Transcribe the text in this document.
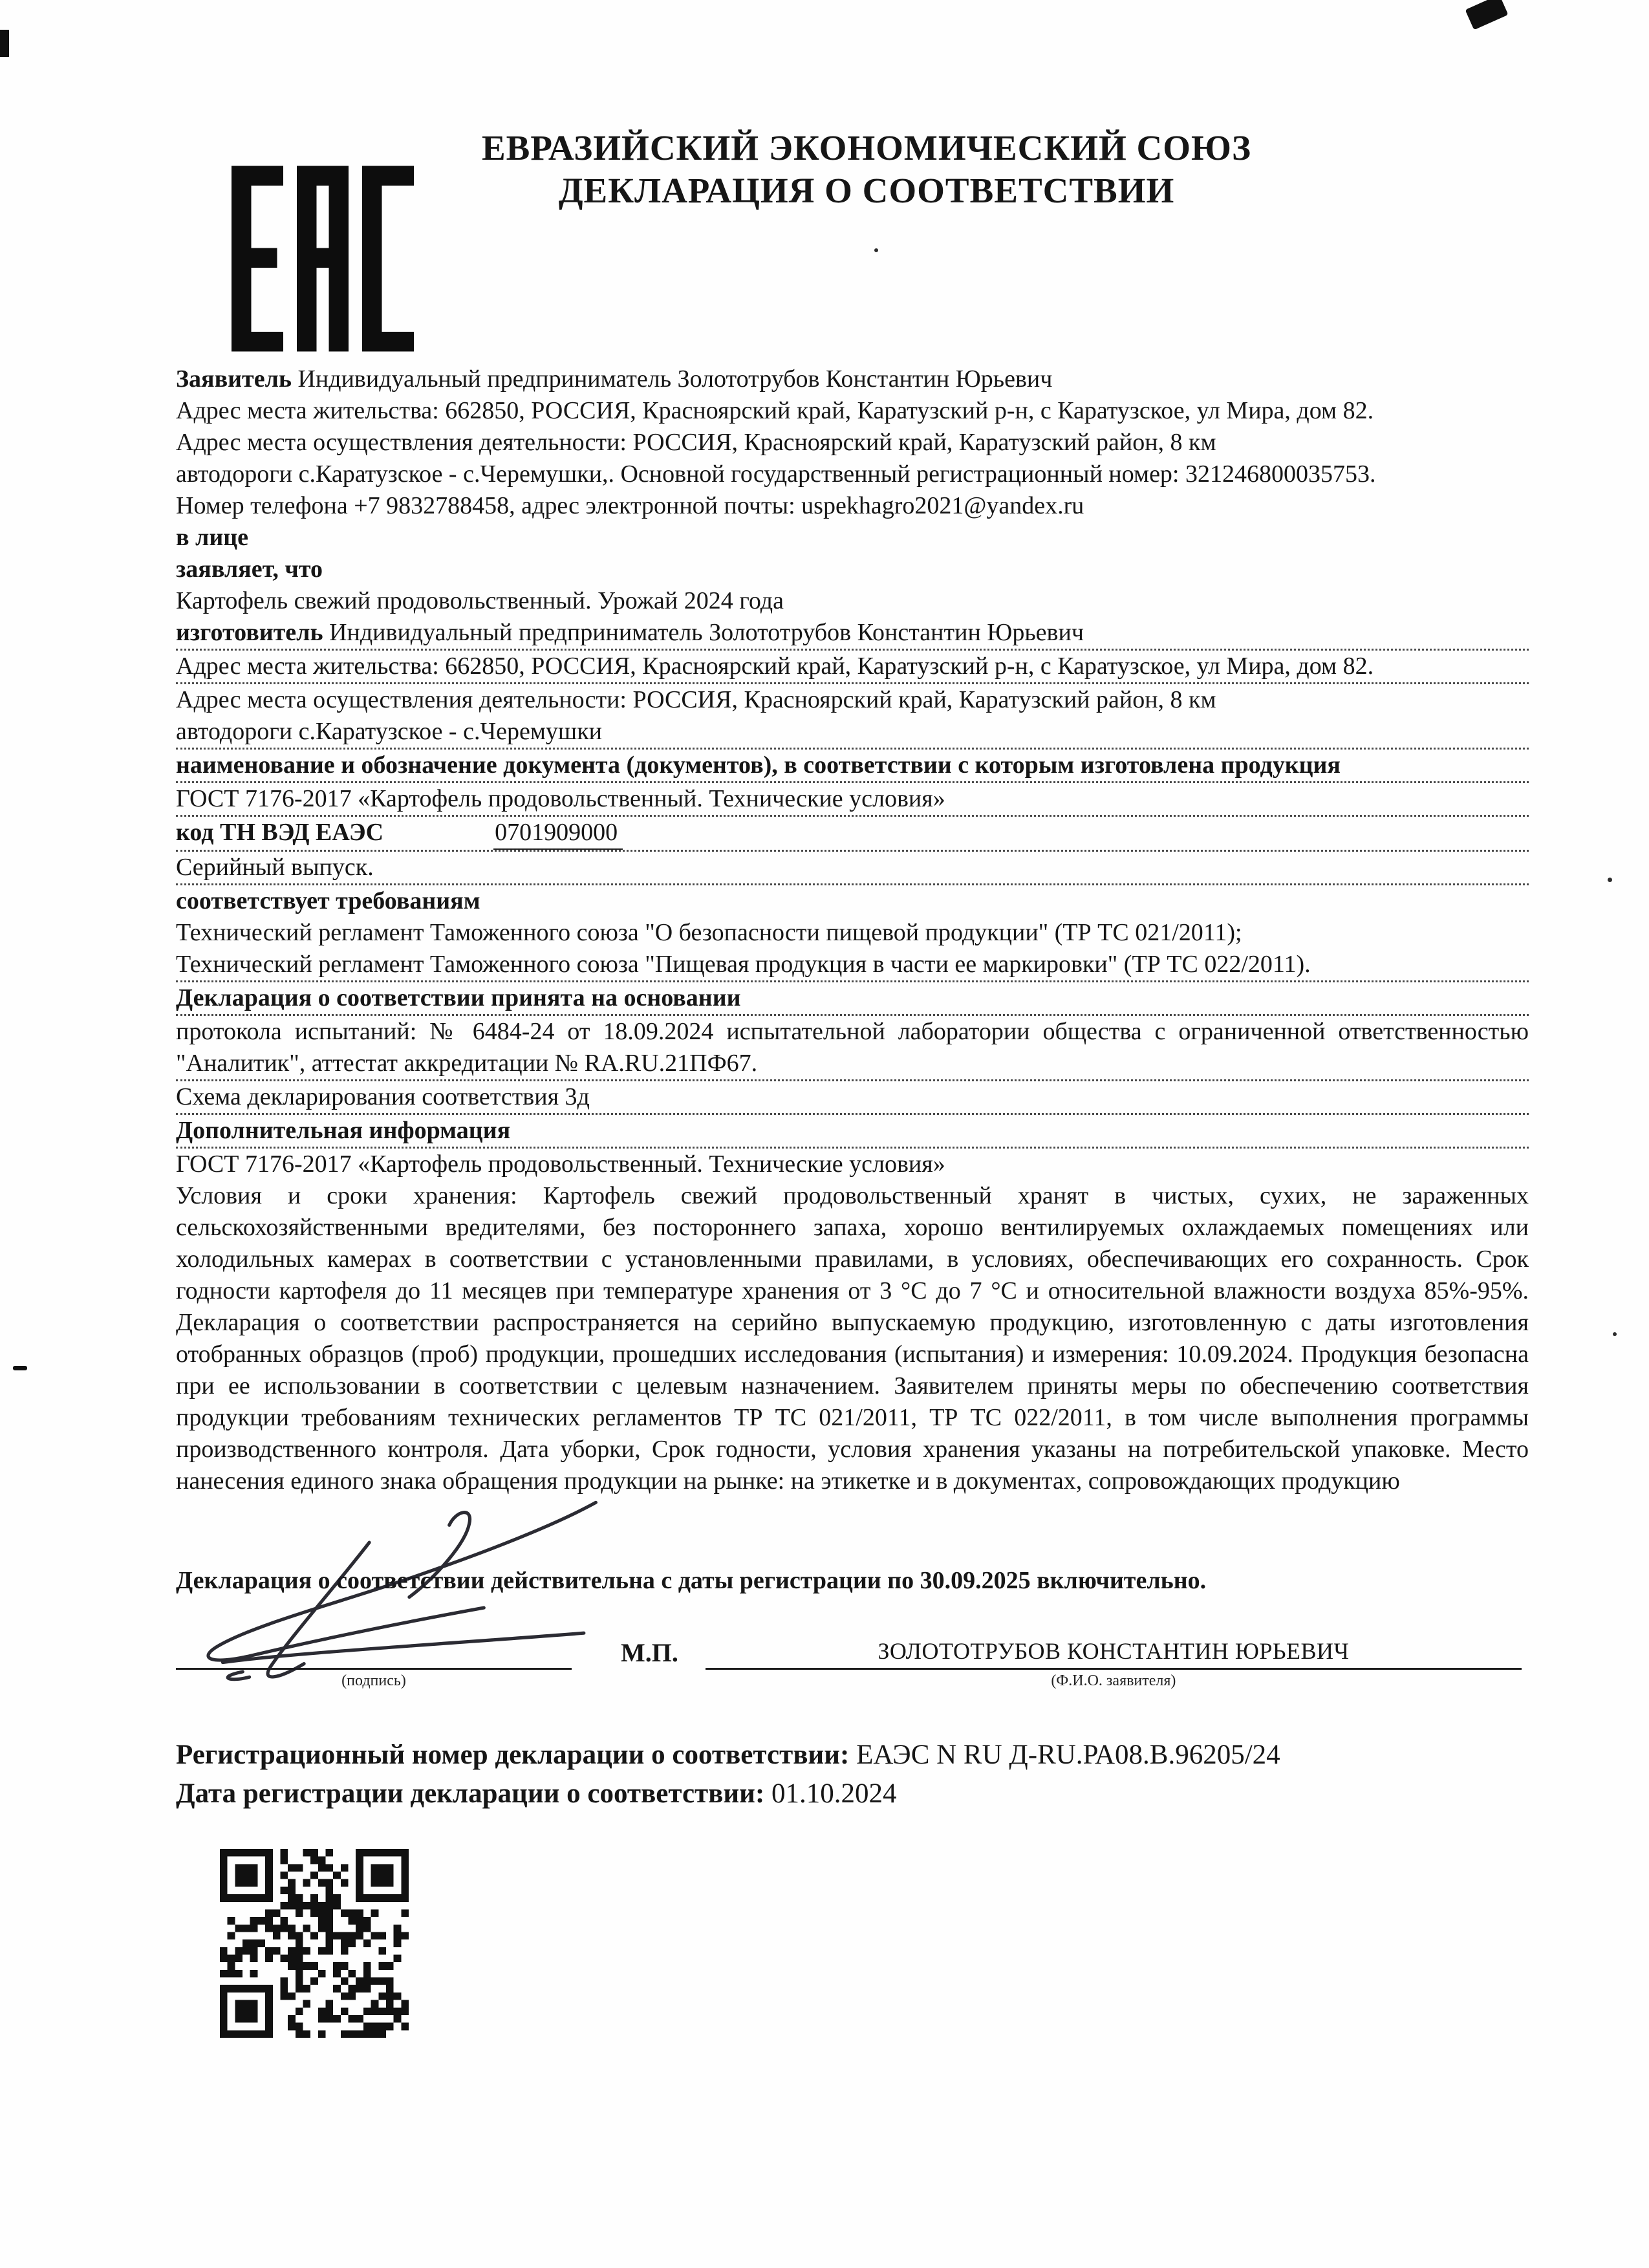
ЕВРАЗИЙСКИЙ ЭКОНОМИЧЕСКИЙ СОЮЗ
ДЕКЛАРАЦИЯ О СООТВЕТСТВИИ
Заявитель Индивидуальный предприниматель Золототрубов Константин Юрьевич
Адрес места жительства: 662850, РОССИЯ, Красноярский край, Каратузский р-н, с Каратузское, ул Мира, дом 82.
Адрес места осуществления деятельности: РОССИЯ, Красноярский край, Каратузский район, 8 км
автодороги с.Каратузское - с.Черемушки,. Основной государственный регистрационный номер: 321246800035753.
Номер телефона +7 9832788458, адрес электронной почты: uspekhagro2021@yandex.ru
в лице
заявляет, что
Картофель свежий продовольственный. Урожай 2024 года
изготовитель Индивидуальный предприниматель Золототрубов Константин Юрьевич
Адрес места жительства: 662850, РОССИЯ, Красноярский край, Каратузский р-н, с Каратузское, ул Мира, дом 82.
Адрес места осуществления деятельности: РОССИЯ, Красноярский край, Каратузский район, 8 км
автодороги с.Каратузское - с.Черемушки
наименование и обозначение документа (документов), в соответствии с которым изготовлена продукция
ГОСТ 7176-2017 «Картофель продовольственный. Технические условия»
код ТН ВЭД ЕАЭС	0701909000
Серийный выпуск.
соответствует требованиям
Технический регламент Таможенного союза "О безопасности пищевой продукции" (ТР ТС 021/2011);
Технический регламент Таможенного союза "Пищевая продукция в части ее маркировки" (ТР ТС 022/2011).
Декларация о соответствии принята на основании
протокола испытаний: № 6484-24 от 18.09.2024 испытательной лаборатории общества с ограниченной ответственностью "Аналитик", аттестат аккредитации № RA.RU.21ПФ67.
Схема декларирования соответствия 3д
Дополнительная информация
ГОСТ 7176-2017 «Картофель продовольственный. Технические условия»
Условия и сроки хранения: Картофель свежий продовольственный хранят в чистых, сухих, не зараженных сельскохозяйственными вредителями, без постороннего запаха, хорошо вентилируемых охлаждаемых помещениях или холодильных камерах в соответствии с установленными правилами, в условиях, обеспечивающих его сохранность. Срок годности картофеля до 11 месяцев при температуре хранения от 3 °С до 7 °С и относительной влажности воздуха 85%-95%. Декларация о соответствии распространяется на серийно выпускаемую продукцию, изготовленную с даты изготовления отобранных образцов (проб) продукции, прошедших исследования (испытания) и измерения: 10.09.2024. Продукция безопасна при ее использовании в соответствии с целевым назначением. Заявителем приняты меры по обеспечению соответствия продукции требованиям технических регламентов ТР ТС 021/2011, ТР ТС 022/2011, в том числе выполнения программы производственного контроля. Дата уборки, Срок годности, условия хранения указаны на потребительской упаковке. Место нанесения единого знака обращения продукции на рынке: на этикетке и в документах, сопровождающих продукцию
Декларация о соответствии действительна с даты регистрации по 30.09.2025 включительно.
(подпись)
М.П.	ЗОЛОТОТРУБОВ КОНСТАНТИН ЮРЬЕВИЧ
(Ф.И.О. заявителя)
Регистрационный номер декларации о соответствии: ЕАЭС N RU Д-RU.РА08.В.96205/24
Дата регистрации декларации о соответствии: 01.10.2024
